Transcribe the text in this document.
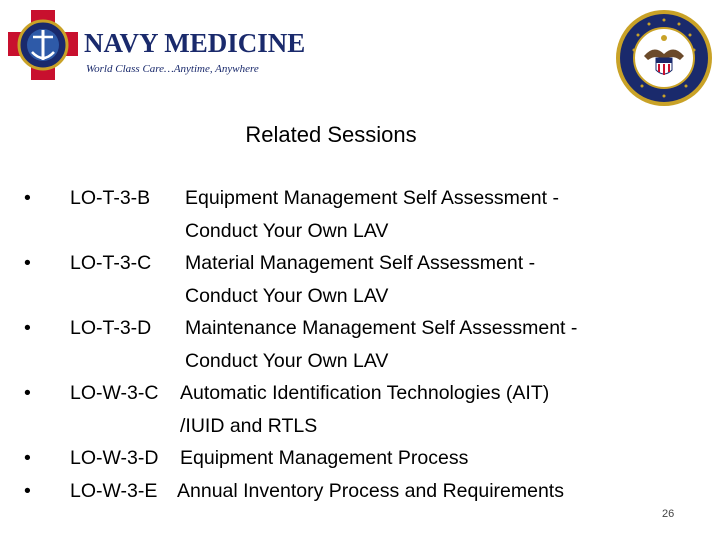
NAVY MEDICINE
World Class Care…Anytime, Anywhere
Related Sessions
•	LO-T-3-B Equipment Management Self Assessment -
Conduct Your Own LAV
•	LO-T-3-C Material Management Self Assessment -
Conduct Your Own LAV
•	LO-T-3-D Maintenance Management Self Assessment -
Conduct Your Own LAV
•	LO-W-3-C Automatic Identification Technologies (AIT)
/IUID and RTLS
•	LO-W-3-D Equipment Management Process
•	LO-W-3-E Annual Inventory Process and Requirements
26
